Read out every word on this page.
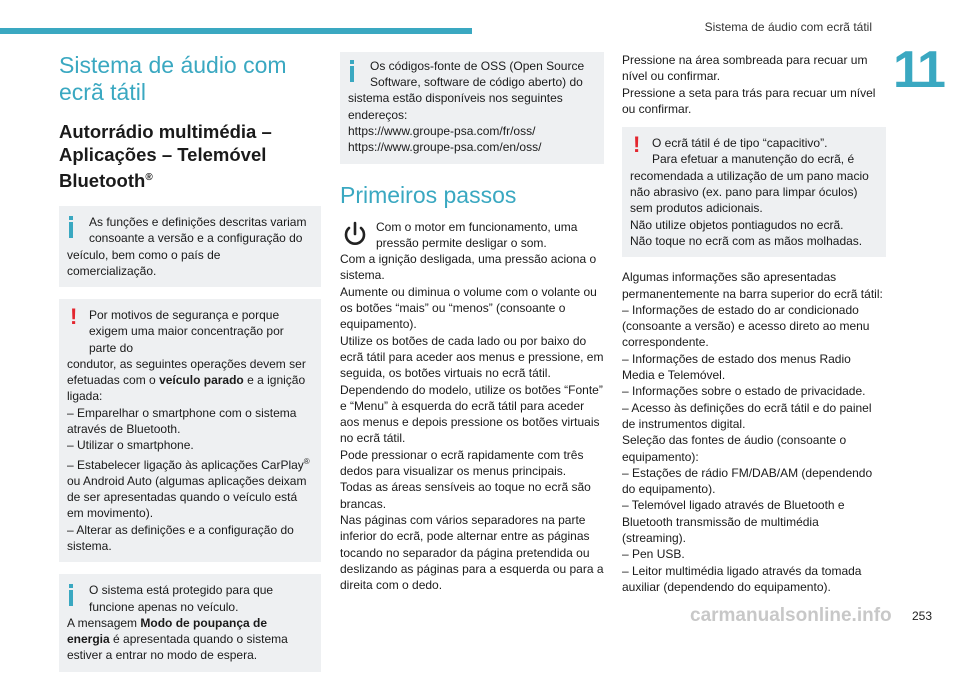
Sistema de áudio com ecrã tátil
11
Sistema de áudio com ecrã tátil
Autorrádio multimédia – Aplicações – Telemóvel Bluetooth®
As funções e definições descritas variam consoante a versão e a configuração do
veículo, bem como o país de comercialização.
! Por motivos de segurança e porque exigem uma maior concentração por parte do
condutor, as seguintes operações devem ser efetuadas com o veículo parado e a ignição ligada:
– Emparelhar o smartphone com o sistema através de Bluetooth.
– Utilizar o smartphone.
– Estabelecer ligação às aplicações CarPlay®
ou Android Auto (algumas aplicações deixam de ser apresentadas quando o veículo está em movimento).
– Alterar as definições e a configuração do sistema.
O sistema está protegido para que funcione apenas no veículo.
A mensagem Modo de poupança de energia é apresentada quando o sistema estiver a entrar no modo de espera.
Os códigos-fonte de OSS (Open Source Software, software de código aberto) do
sistema estão disponíveis nos seguintes endereços:
https://www.groupe-psa.com/fr/oss/
https://www.groupe-psa.com/en/oss/
Primeiros passos
Com o motor em funcionamento, uma pressão permite desligar o som.
Com a ignição desligada, uma pressão aciona o sistema.
Aumente ou diminua o volume com o volante ou os botões “mais” ou “menos” (consoante o equipamento).
Utilize os botões de cada lado ou por baixo do ecrã tátil para aceder aos menus e pressione, em seguida, os botões virtuais no ecrã tátil.
Dependendo do modelo, utilize os botões “Fonte” e “Menu” à esquerda do ecrã tátil para aceder aos menus e depois pressione os botões virtuais no ecrã tátil.
Pode pressionar o ecrã rapidamente com três dedos para visualizar os menus principais.
Todas as áreas sensíveis ao toque no ecrã são brancas.
Nas páginas com vários separadores na parte inferior do ecrã, pode alternar entre as páginas tocando no separador da página pretendida ou deslizando as páginas para a esquerda ou para a direita com o dedo.
Pressione na área sombreada para recuar um nível ou confirmar.
Pressione a seta para trás para recuar um nível ou confirmar.
! O ecrã tátil é de tipo “capacitivo”.
Para efetuar a manutenção do ecrã, é
recomendada a utilização de um pano macio não abrasivo (ex. pano para limpar óculos) sem produtos adicionais.
Não utilize objetos pontiagudos no ecrã.
Não toque no ecrã com as mãos molhadas.
Algumas informações são apresentadas permanentemente na barra superior do ecrã tátil:
– Informações de estado do ar condicionado (consoante a versão) e acesso direto ao menu correspondente.
– Informações de estado dos menus Radio Media e Telemóvel.
– Informações sobre o estado de privacidade.
– Acesso às definições do ecrã tátil e do painel de instrumentos digital.
Seleção das fontes de áudio (consoante o equipamento):
– Estações de rádio FM/DAB/AM (dependendo do equipamento).
– Telemóvel ligado através de Bluetooth e Bluetooth transmissão de multimédia (streaming).
– Pen USB.
– Leitor multimédia ligado através da tomada auxiliar (dependendo do equipamento).
carmanualsonline.info 253
